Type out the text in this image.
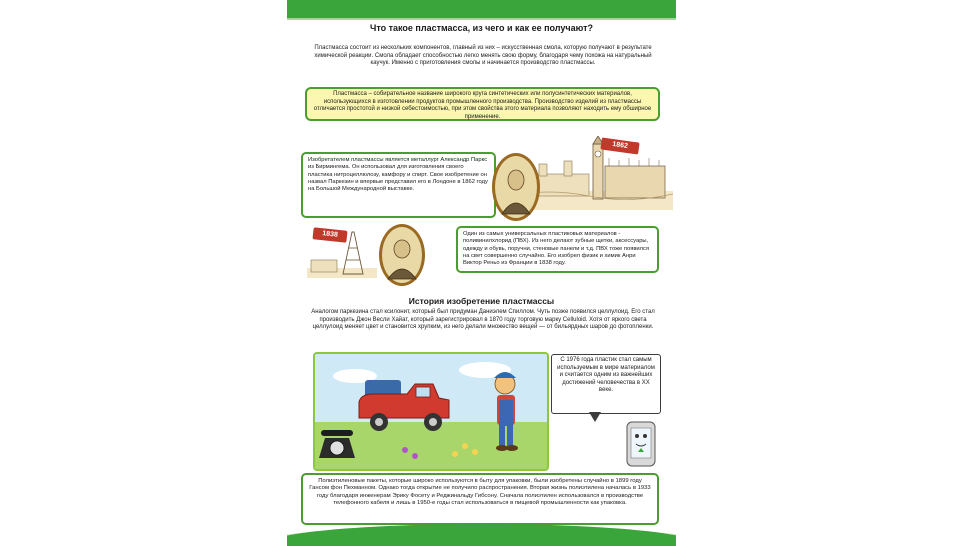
Что такое пластмасса, из чего и как ее получают?
Пластмасса состоит из нескольких компонентов, главный из них – искусственная смола, которую получают в результате химической реакции. Смола обладает способностью легко менять свою форму, благодаря чему похожа на натуральный каучук. Именно с приготовления смолы и начинается производство пластмассы.
Пластмасса – собирательное название широкого круга синтетических или полусинтетических материалов, использующихся в изготовлении продуктов промышленного производства. Производство изделий из пластмассы отличается простотой и низкой себестоимостью, при этом свойства этого материала позволяют находить ему обширное применение.
1862
Изобретателем пластмассы является металлург Александр Паркс из Бирмингема. Он использовал для изготовления своего пластика нитроцеллюлозу, камфору и спирт. Свое изобретение он назвал Паркезин и впервые представил его в Лондоне в 1862 году на Большой Международной выставке.
1838	Один из самых универсальных пластиковых материалов - поливинилхлорид (ПВХ). Из него делают зубные щетки, аксессуары, одежду и обувь, поручни, стеновые панели и т.д. ПВХ тоже появился на свет совершенно случайно. Его изобрел физик и химик Анри Виктор Реньо из Франции в 1838 году.
История изобретение пластмассы
Аналогом паркезина стал ксилонит, который был придуман Даниэлем Спиллом. Чуть позже появился целлулоид. Его стал производить Джон Весли Хайат, который зарегистрировал в 1870 году торговую марку Celluloid. Хотя от яркого света целлулоид меняет цвет и становится хрупким, из него делали множество вещей — от бильярдных шаров до фотопленки.
С 1976 года пластик стал самым используемым в мире материалом и считается одним из важнейших достижений человечества в XX веке.
Полиэтиленовые пакеты, которые широко используются в быту для упаковки, были изобретены случайно в 1899 году Гансом фон Пехманном. Однако тогда открытие не получило распространения. Вторая жизнь полиэтилена началась в 1933 году благодаря инженерам Эрику Фосету и Реджинальду Гибсону. Сначала полиэтилен использовался в производстве телефонного кабеля и лишь в 1950-е годы стал использоваться в пищевой промышленности как упаковка.
